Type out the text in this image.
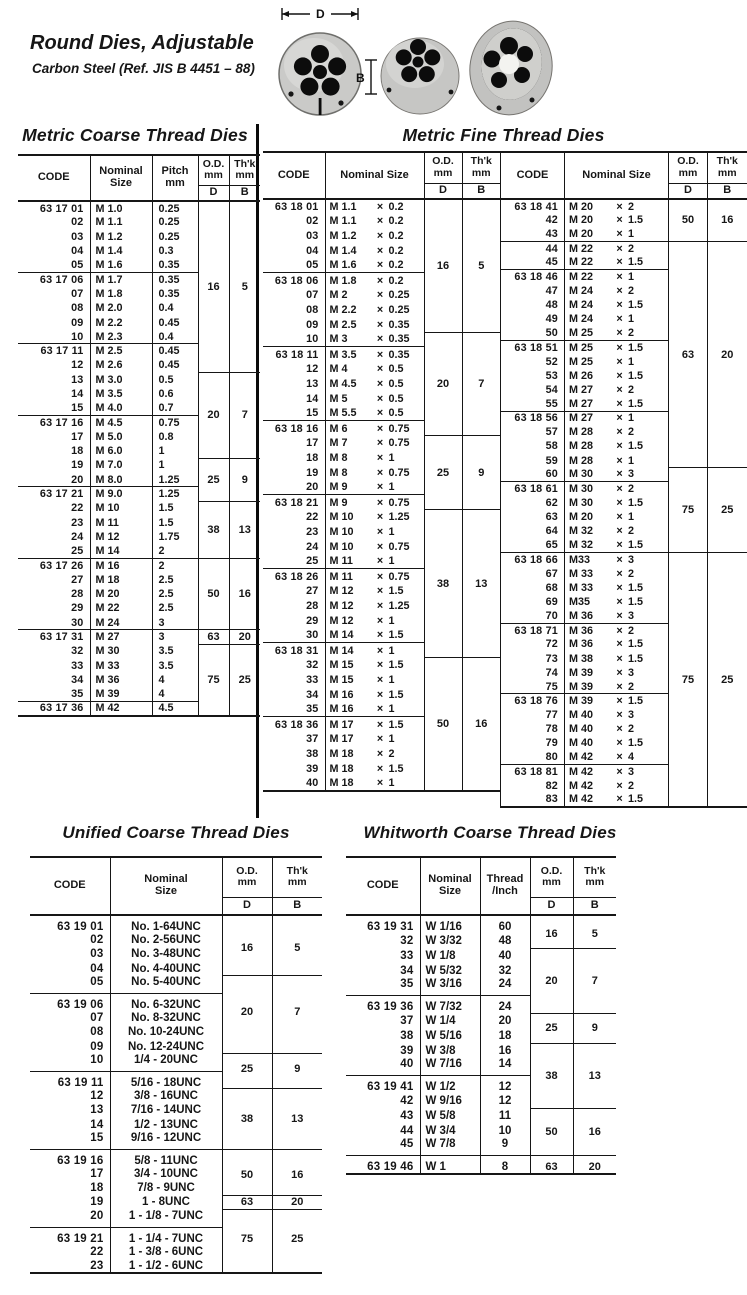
Round Dies, Adjustable
Carbon Steel (Ref. JIS B 4451 – 88)
D
B
Metric Coarse Thread Dies	Metric Fine Thread Dies
CODE	Nominal
Size

Pitch
mm

O.D.
mm

Th'k
mm

			D	B
63 17 01	M 1.0	0.25	16	5
02	M 1.1	0.25		
03	M 1.2	0.25		
04	M 1.4	0.3		
05	M 1.6	0.35		
63 17 06	M 1.7	0.35		
07	M 1.8	0.35		
08	M 2.0	0.4		
09	M 2.2	0.45		
10	M 2.3	0.4		
63 17 11	M 2.5	0.45		
12	M 2.6	0.45		
13	M 3.0	0.5	20	7
14	M 3.5	0.6		
15	M 4.0	0.7		
63 17 16	M 4.5	0.75		
17	M 5.0	0.8		
18	M 6.0	1		
19	M 7.0	1	25	9
20	M 8.0	1.25		
63 17 21	M 9.0	1.25		
22	M 10	1.5	38	13
23	M 11	1.5		
24	M 12	1.75		
25	M 14	2		
63 17 26	M 16	2	50	16
27	M 18	2.5		
28	M 20	2.5		
29	M 22	2.5		
30	M 24	3		
63 17 31	M 27	3	63	20
32	M 30	3.5	75	25
33	M 33	3.5		
34	M 36	4		
35	M 39	4		
63 17 36	M 42	4.5		
CODE	Nominal Size

O.D.
mm

Th'k
mm

		D	B
63 18 01	M 1.1 × 0.2	16	5
02	M 1.1 × 0.2		

03	M 1.2 × 0.2		

04	M 1.4 × 0.2		

05	M 1.6 × 0.2		

63 18 06	M 1.8 × 0.2		

07	M 2 × 0.25		

08	M 2.2 × 0.25		

09	M 2.5 × 0.35		

10	M 3 × 0.35	20	7
63 18 11	M 3.5 × 0.35		

12	M 4 × 0.5		

13	M 4.5 × 0.5		

14	M 5 × 0.5		

15	M 5.5 × 0.5		

63 18 16	M 6 × 0.75		

17	M 7 × 0.75	25	9
18	M 8 × 1		

19	M 8 × 0.75		

20	M 9 × 1		

63 18 21	M 9 × 0.75		

22	M 10 × 1.25	38	13
23	M 10 × 1		

24	M 10 × 0.75		

25	M 11 × 1		

63 18 26	M 11 × 0.75		

27	M 12 × 1.5		

28	M 12 × 1.25		

29	M 12 × 1		

30	M 14 × 1.5		

63 18 31	M 14 × 1		

32	M 15 × 1.5	50	16
33	M 15 × 1		

34	M 16 × 1.5		

35	M 16 × 1		

63 18 36	M 17 × 1.5		

37	M 17 × 1		

38	M 18 × 2		

39	M 18 × 1.5		

40	M 18 × 1		
CODE	Nominal Size

O.D.
mm

Th'k
mm

		D	B
63 18 41	M 20 × 2	50	16
42	M 20 × 1.5		

43	M 20 × 1		

44	M 22 × 2	63	20
45	M 22 × 1.5		

63 18 46	M 22 × 1		

47	M 24 × 2		

48	M 24 × 1.5		

49	M 24 × 1		

50	M 25 × 2		

63 18 51	M 25 × 1.5		

52	M 25 × 1		

53	M 26 × 1.5		

54	M 27 × 2		

55	M 27 × 1.5		

63 18 56	M 27 × 1		

57	M 28 × 2		

58	M 28 × 1.5		

59	M 28 × 1		

60	M 30 × 3	75	25
63 18 61	M 30 × 2		

62	M 30 × 1.5		

63	M 20 × 1		

64	M 32 × 2		

65	M 32 × 1.5		

63 18 66	M33 × 3	75	25
67	M 33 × 2		

68	M 33 × 1.5		

69	M35 × 1.5		

70	M 36 × 3		

63 18 71	M 36 × 2		

72	M 36 × 1.5		

73	M 38 × 1.5		

74	M 39 × 3		

75	M 39 × 2		

63 18 76	M 39 × 1.5		

77	M 40 × 3		

78	M 40 × 2		

79	M 40 × 1.5		

80	M 42 × 4		

63 18 81	M 42 × 3		

82	M 42 × 2		

83	M 42 × 1.5		
Unified Coarse Thread Dies	Whitworth Coarse Thread Dies
CODE	Nominal
Size

O.D.
mm

Th'k
mm

		D	B
63 19 01	No. 1-64UNC	16	5
02	No. 2-56UNC		
03	No. 3-48UNC		
04	No. 4-40UNC		
05	No. 5-40UNC	20	7
63 19 06	No. 6-32UNC		
07	No. 8-32UNC		
08	No. 10-24UNC		
09	No. 12-24UNC		
10	1/4 - 20UNC	25	9
63 19 11	5/16 - 18UNC		
12	3/8 - 16UNC	38	13
13	7/16 - 14UNC		
14	1/2 - 13UNC		
15	9/16 - 12UNC		
63 19 16	5/8 - 11UNC	50	16
17	3/4 - 10UNC		
18	7/8 - 9UNC		
19	1 - 8UNC	63	20
20	1 - 1/8 - 7UNC	75	25
63 19 21	1 - 1/4 - 7UNC		
22	1 - 3/8 - 6UNC		
23	1 - 1/2 - 6UNC		
CODE	Nominal
Size

Thread
/Inch

O.D.
mm

Th'k
mm

			D	B
63 19 31	W 1/16	60	16	5
32	W 3/32	48		
33	W 1/8	40	20	7
34	W 5/32	32		
35	W 3/16	24		
63 19 36	W 7/32	24		
37	W 1/4	20	25	9
38	W 5/16	18		
39	W 3/8	16	38	13
40	W 7/16	14		
63 19 41	W 1/2	12		
42	W 9/16	12		
43	W 5/8	11	50	16
44	W 3/4	10		
45	W 7/8	9		
63 19 46	W 1	8	63	20
